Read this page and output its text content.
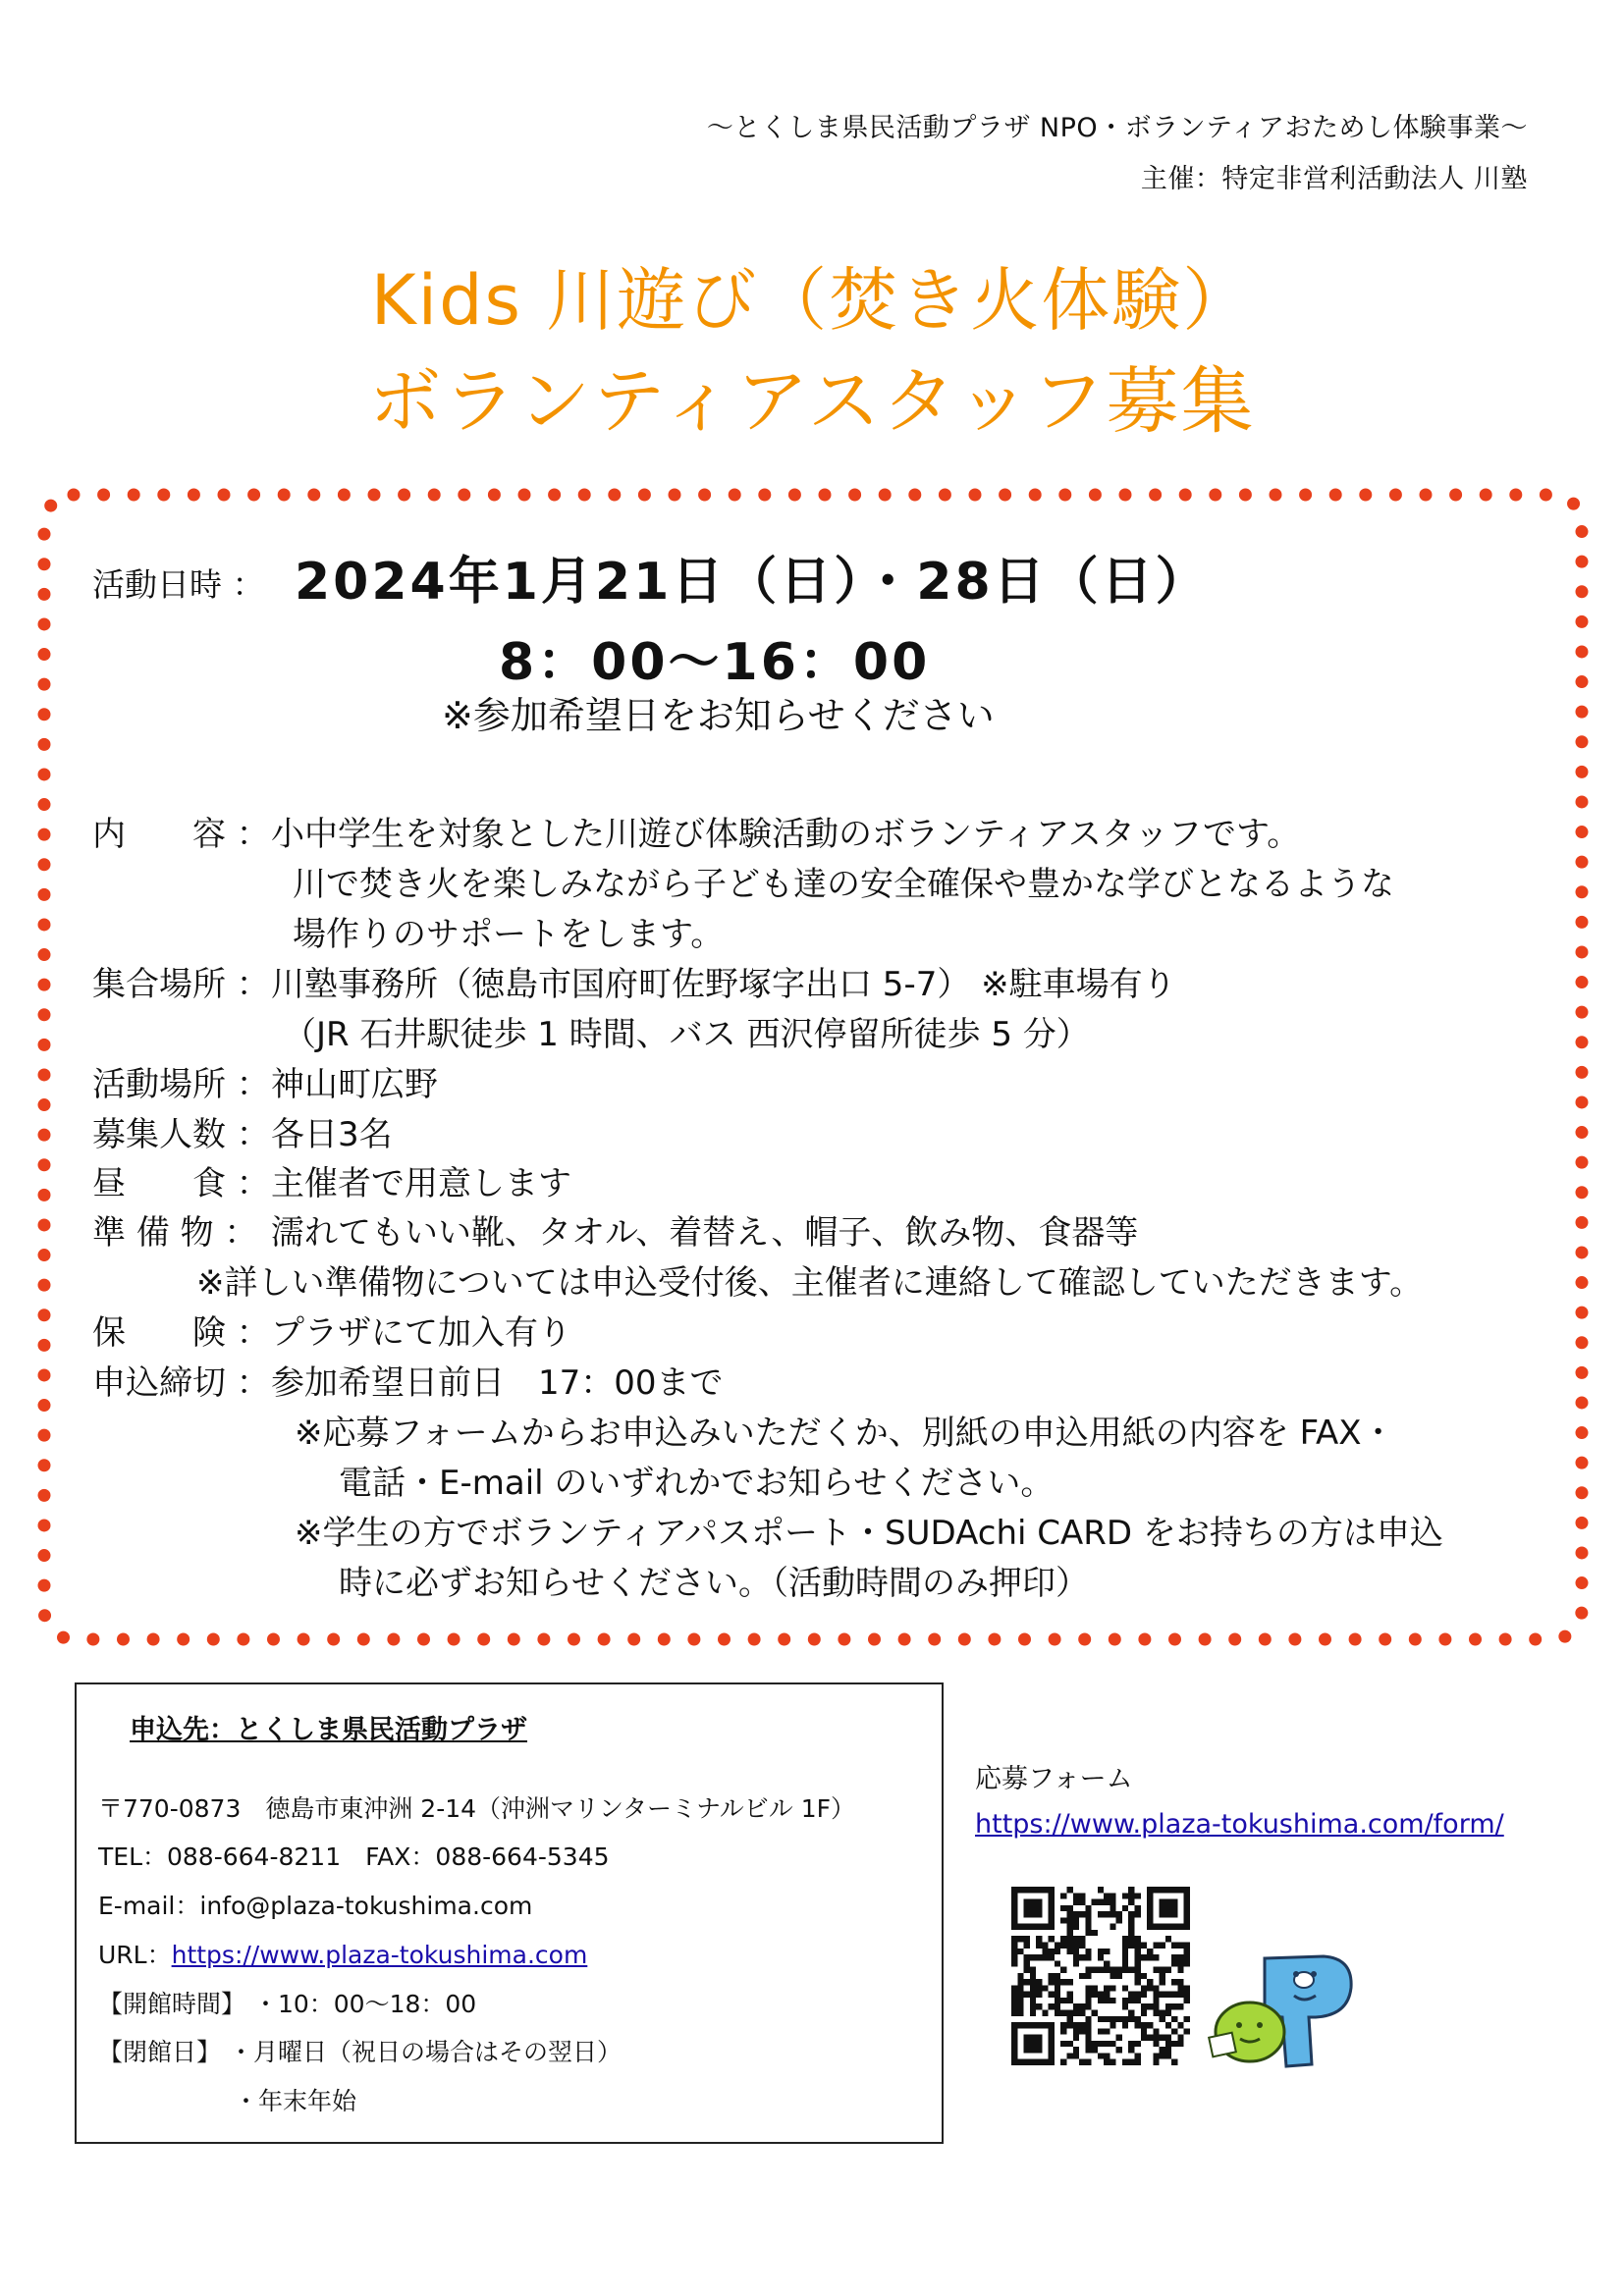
〜とくしま県民活動プラザ NPO・ボランティアおためし体験事業〜
主催：特定非営利活動法人 川塾
Kids 川遊び（焚き火体験）
ボランティアスタッフ募集
活動日時 ： 2024年1月21日（日）・28日（日）
8：00〜16：00
※参加希望日をお知らせください
内　　容 ： 小中学生を対象とした川遊び体験活動のボランティアスタッフです。
川で焚き火を楽しみながら子ども達の安全確保や豊かな学びとなるような
場作りのサポートをします。
集合場所 ： 川塾事務所（徳島市国府町佐野塚字出口 5-7） ※駐車場有り
（JR 石井駅徒歩 1 時間、バス 西沢停留所徒歩 5 分）
活動場所 ： 神山町広野
募集人数 ： 各日3名
昼　　食 ： 主催者で用意します
準 備 物 ： 濡れてもいい靴、タオル、着替え、帽子、飲み物、食器等
※詳しい準備物については申込受付後、主催者に連絡して確認していただきます。
保　　険 ： プラザにて加入有り
申込締切 ： 参加希望日前日　17：00まで
※応募フォームからお申込みいただくか、別紙の申込用紙の内容を FAX・
電話・E-mail のいずれかでお知らせください。
※学生の方でボランティアパスポート・SUDAchi CARD をお持ちの方は申込
時に必ずお知らせください。（活動時間のみ押印）
申込先：とくしま県民活動プラザ
〒770-0873　徳島市東沖洲 2-14（沖洲マリンターミナルビル 1F）
TEL：088-664-8211　FAX：088-664-5345
E-mail：info@plaza-tokushima.com
URL：https://www.plaza-tokushima.com
【開館時間】 ・10：00〜18：00
【閉館日】 ・月曜日（祝日の場合はその翌日）
・年末年始
応募フォーム
https://www.plaza-tokushima.com/form/
